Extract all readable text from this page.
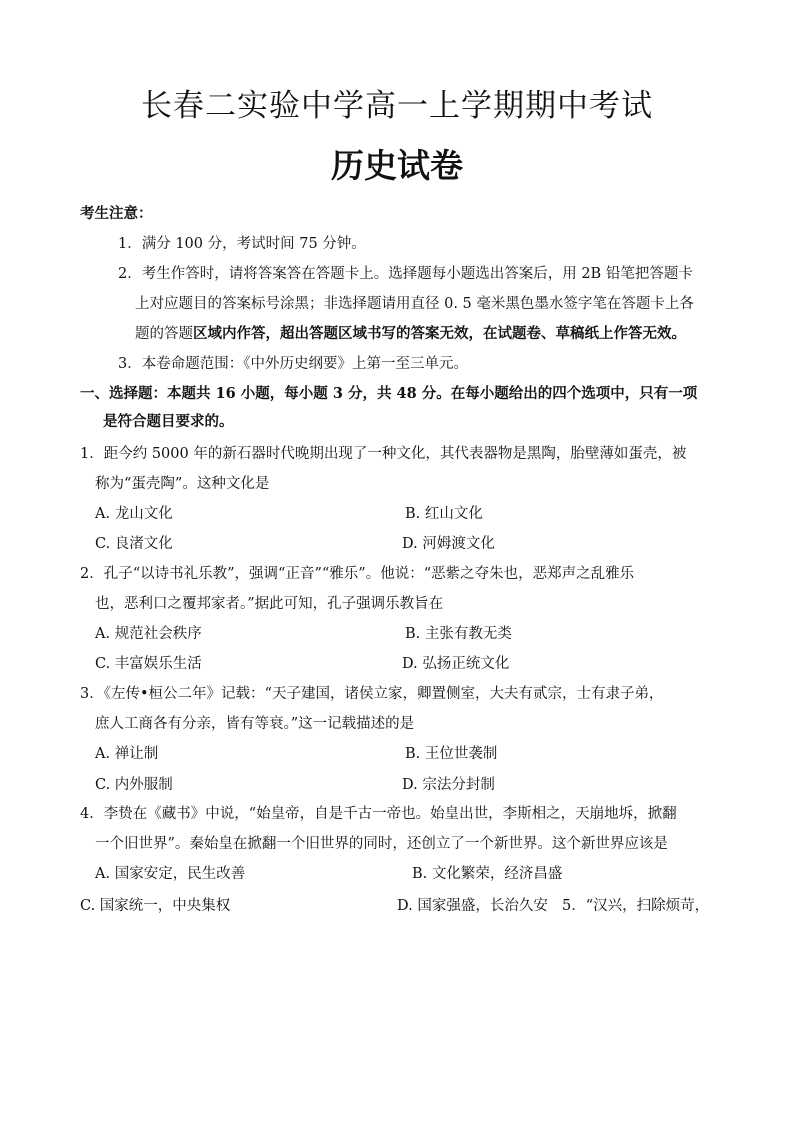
长春二实验中学高一上学期期中考试
历史试卷
考生注意：
1．满分 100 分，考试时间 75 分钟。
2．考生作答时，请将答案答在答题卡上。选择题每小题选出答案后，用 2B 铅笔把答题卡
上对应题目的答案标号涂黑；非选择题请用直径 0. 5 毫米黑色墨水签字笔在答题卡上各
题的答题区域内作答，超出答题区域书写的答案无效，在试题卷、草稿纸上作答无效。
3．本卷命题范围：《中外历史纲要》上第一至三单元。
一、选择题：本题共 16 小题，每小题 3 分，共 48 分。在每小题给出的四个选项中，只有一项
是符合题目要求的。
1．距今约 5000 年的新石器时代晚期出现了一种文化，其代表器物是黑陶，胎壁薄如蛋壳，被
称为“蛋壳陶”。这种文化是
A. 龙山文化	B. 红山文化
C. 良渚文化	D. 河姆渡文化
2．孔子“以诗书礼乐教”，强调“正音”“雅乐”。他说：“恶紫之夺朱也，恶郑声之乱雅乐
也，恶利口之覆邦家者。”据此可知，孔子强调乐教旨在
A. 规范社会秩序	B. 主张有教无类
C. 丰富娱乐生活	D. 弘扬正统文化
3．《左传•桓公二年》记载：“天子建国，诸侯立家，卿置侧室，大夫有贰宗，士有隶子弟，
庶人工商各有分亲，皆有等衰。”这一记载描述的是
A. 禅让制	B. 王位世袭制
C. 内外服制	D. 宗法分封制
4．李贽在《藏书》中说，“始皇帝，自是千古一帝也。始皇出世，李斯相之，天崩地坼，掀翻
一个旧世界”。秦始皇在掀翻一个旧世界的同时，还创立了一个新世界。这个新世界应该是
A. 国家安定，民生改善	B. 文化繁荣，经济昌盛
C. 国家统一，中央集权	D. 国家强盛，长治久安 5．“汉兴，扫除烦苛，
